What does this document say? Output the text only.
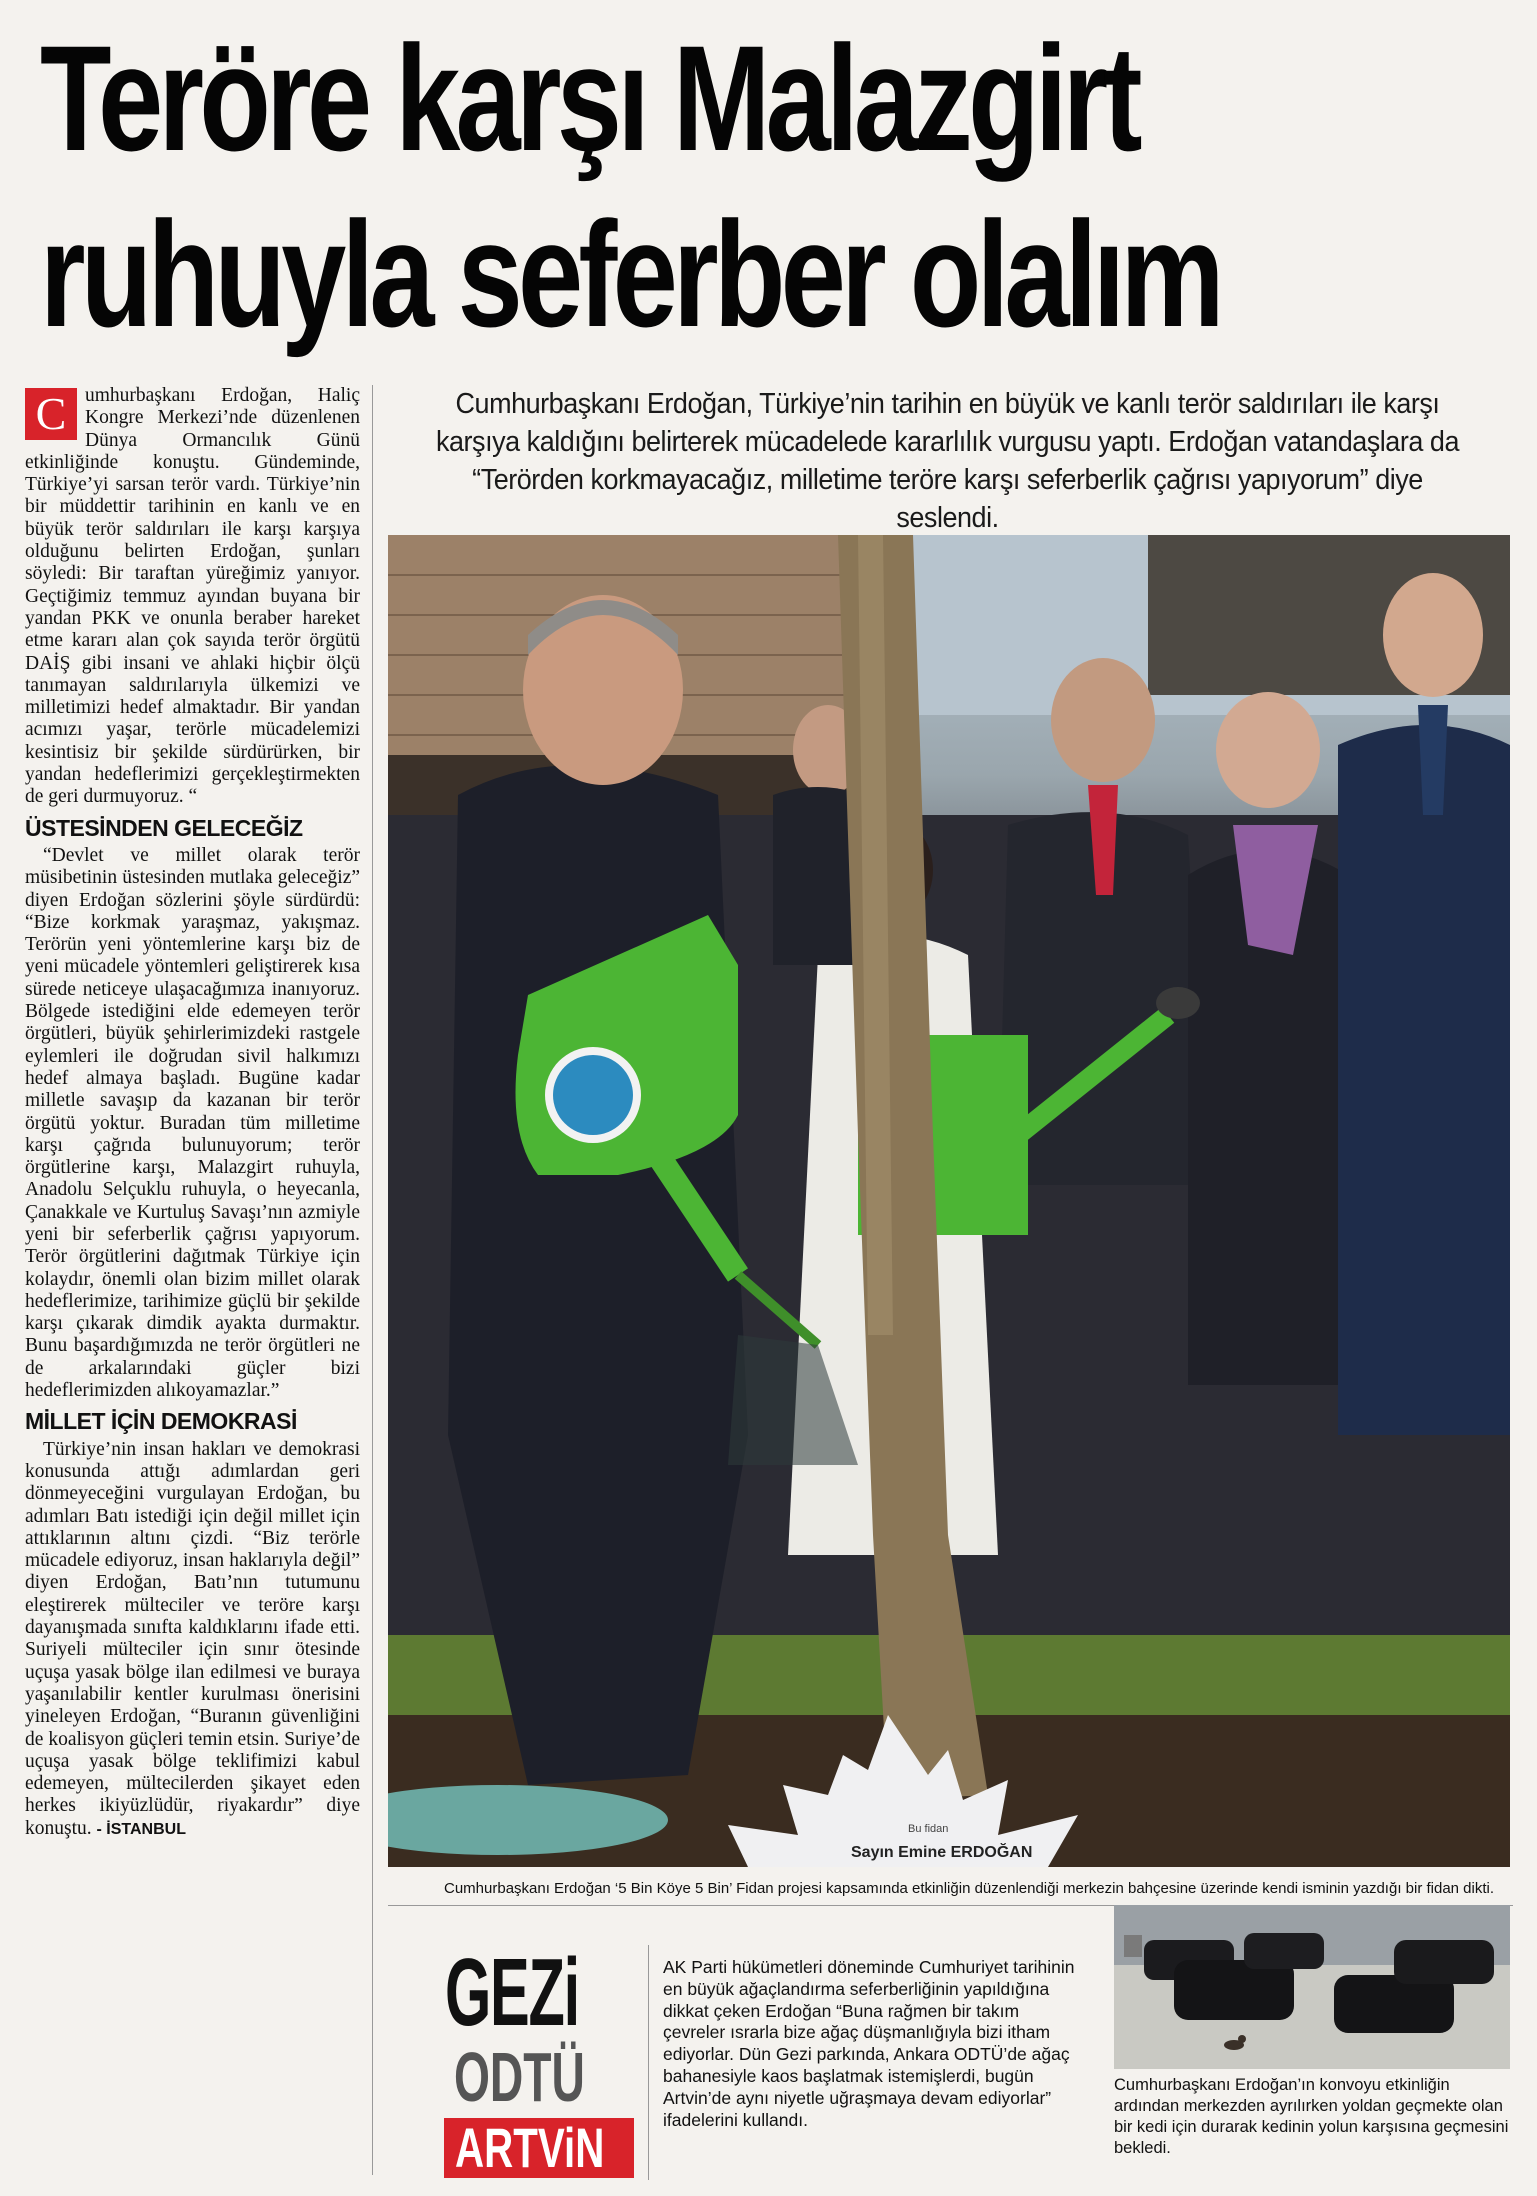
Teröre karşı Malazgirt
ruhuyla seferber olalım

C umhurbaşkanı Erdoğan, Haliç Kongre Merkezi’nde düzenlenen Dünya Ormancılık Günü etkinliğinde konuştu. Gündeminde, Türkiye’yi sarsan terör vardı. Türkiye’nin bir müddettir tarihinin en kanlı ve en büyük terör saldırıları ile karşı karşıya olduğunu belirten Erdoğan, şunları söyledi: Bir taraftan yüreğimiz yanıyor. Geçtiğimiz temmuz ayından buyana bir yandan PKK ve onunla beraber hareket etme kararı alan çok sayıda terör örgütü DAİŞ gibi insani ve ahlaki hiçbir ölçü tanımayan saldırılarıyla ülkemizi ve milletimizi hedef almaktadır. Bir yandan acımızı yaşar, terörle mücadelemizi kesintisiz bir şekilde sürdürürken, bir yandan hedeflerimizi gerçekleştirmekten de geri durmuyoruz. “

ÜSTESİNDEN GELECEĞİZ

“Devlet ve millet olarak terör müsibetinin üstesinden mutlaka geleceğiz” diyen Erdoğan sözlerini şöyle sürdürdü: “Bize korkmak yaraşmaz, yakışmaz. Terörün yeni yöntemlerine karşı biz de yeni mücadele yöntemleri geliştirerek kısa sürede neticeye ulaşacağımıza inanıyoruz. Bölgede istediğini elde edemeyen terör örgütleri, büyük şehirlerimizdeki rastgele eylemleri ile doğrudan sivil halkımızı hedef almaya başladı. Bugüne kadar milletle savaşıp da kazanan bir terör örgütü yoktur. Buradan tüm milletime karşı çağrıda bulunuyorum; terör örgütlerine karşı, Malazgirt ruhuyla, Anadolu Selçuklu ruhuyla, o heyecanla, Çanakkale ve Kurtuluş Savaşı’nın azmiyle yeni bir seferberlik çağrısı yapıyorum. Terör örgütlerini dağıtmak Türkiye için kolaydır, önemli olan bizim millet olarak hedeflerimize, tarihimize güçlü bir şekilde karşı çıkarak dimdik ayakta durmaktır. Bunu başardığımızda ne terör örgütleri ne de arkalarındaki güçler bizi hedeflerimizden alıkoyamazlar.”

MİLLET İÇİN DEMOKRASİ

Türkiye’nin insan hakları ve demokrasi konusunda attığı adımlardan geri dönmeyeceğini vurgulayan Erdoğan, bu adımları Batı istediği için değil millet için attıklarının altını çizdi. “Biz terörle mücadele ediyoruz, insan haklarıyla değil” diyen Erdoğan, Batı’nın tutumunu eleştirerek mülteciler ve teröre karşı dayanışmada sınıfta kaldıklarını ifade etti. Suriyeli mülteciler için sınır ötesinde uçuşa yasak bölge ilan edilmesi ve buraya yaşanılabilir kentler kurulması önerisini yineleyen Erdoğan, “Buranın güvenliğini de koalisyon güçleri temin etsin. Suriye’de uçuşa yasak bölge teklifimizi kabul edemeyen, mültecilerden şikayet eden herkes ikiyüzlüdür, riyakardır” diye konuştu. - İSTANBUL

Cumhurbaşkanı Erdoğan, Türkiye’nin tarihin en büyük ve kanlı terör saldırıları ile karşı karşıya kaldığını belirterek mücadelede kararlılık vurgusu yaptı. Erdoğan vatandaşlara da “Terörden korkmayacağız, milletime teröre karşı seferberlik çağrısı yapıyorum” diye seslendi.
Bu fidan
Sayın Emine ERDOĞAN
Cumhurbaşkanı Erdoğan ‘5 Bin Köye 5 Bin’ Fidan projesi kapsamında etkinliğin düzenlendiği merkezin bahçesine üzerinde kendi isminin yazdığı bir fidan dikti.
GEZi
ODTÜ
ARTViN
AK Parti hükümetleri döneminde Cumhuriyet tarihinin en büyük ağaçlandırma seferberliğinin yapıldığına dikkat çeken Erdoğan “Buna rağmen bir takım çevreler ısrarla bize ağaç düşmanlığıyla bizi itham ediyorlar. Dün Gezi parkında, Ankara ODTÜ’de ağaç bahanesiyle kaos başlatmak istemişlerdi, bugün Artvin’de aynı niyetle uğraşmaya devam ediyorlar” ifadelerini kullandı.
Cumhurbaşkanı Erdoğan’ın konvoyu etkinliğin ardından merkezden ayrılırken yoldan geçmekte olan bir kedi için durarak kedinin yolun karşısına geçmesini bekledi.
